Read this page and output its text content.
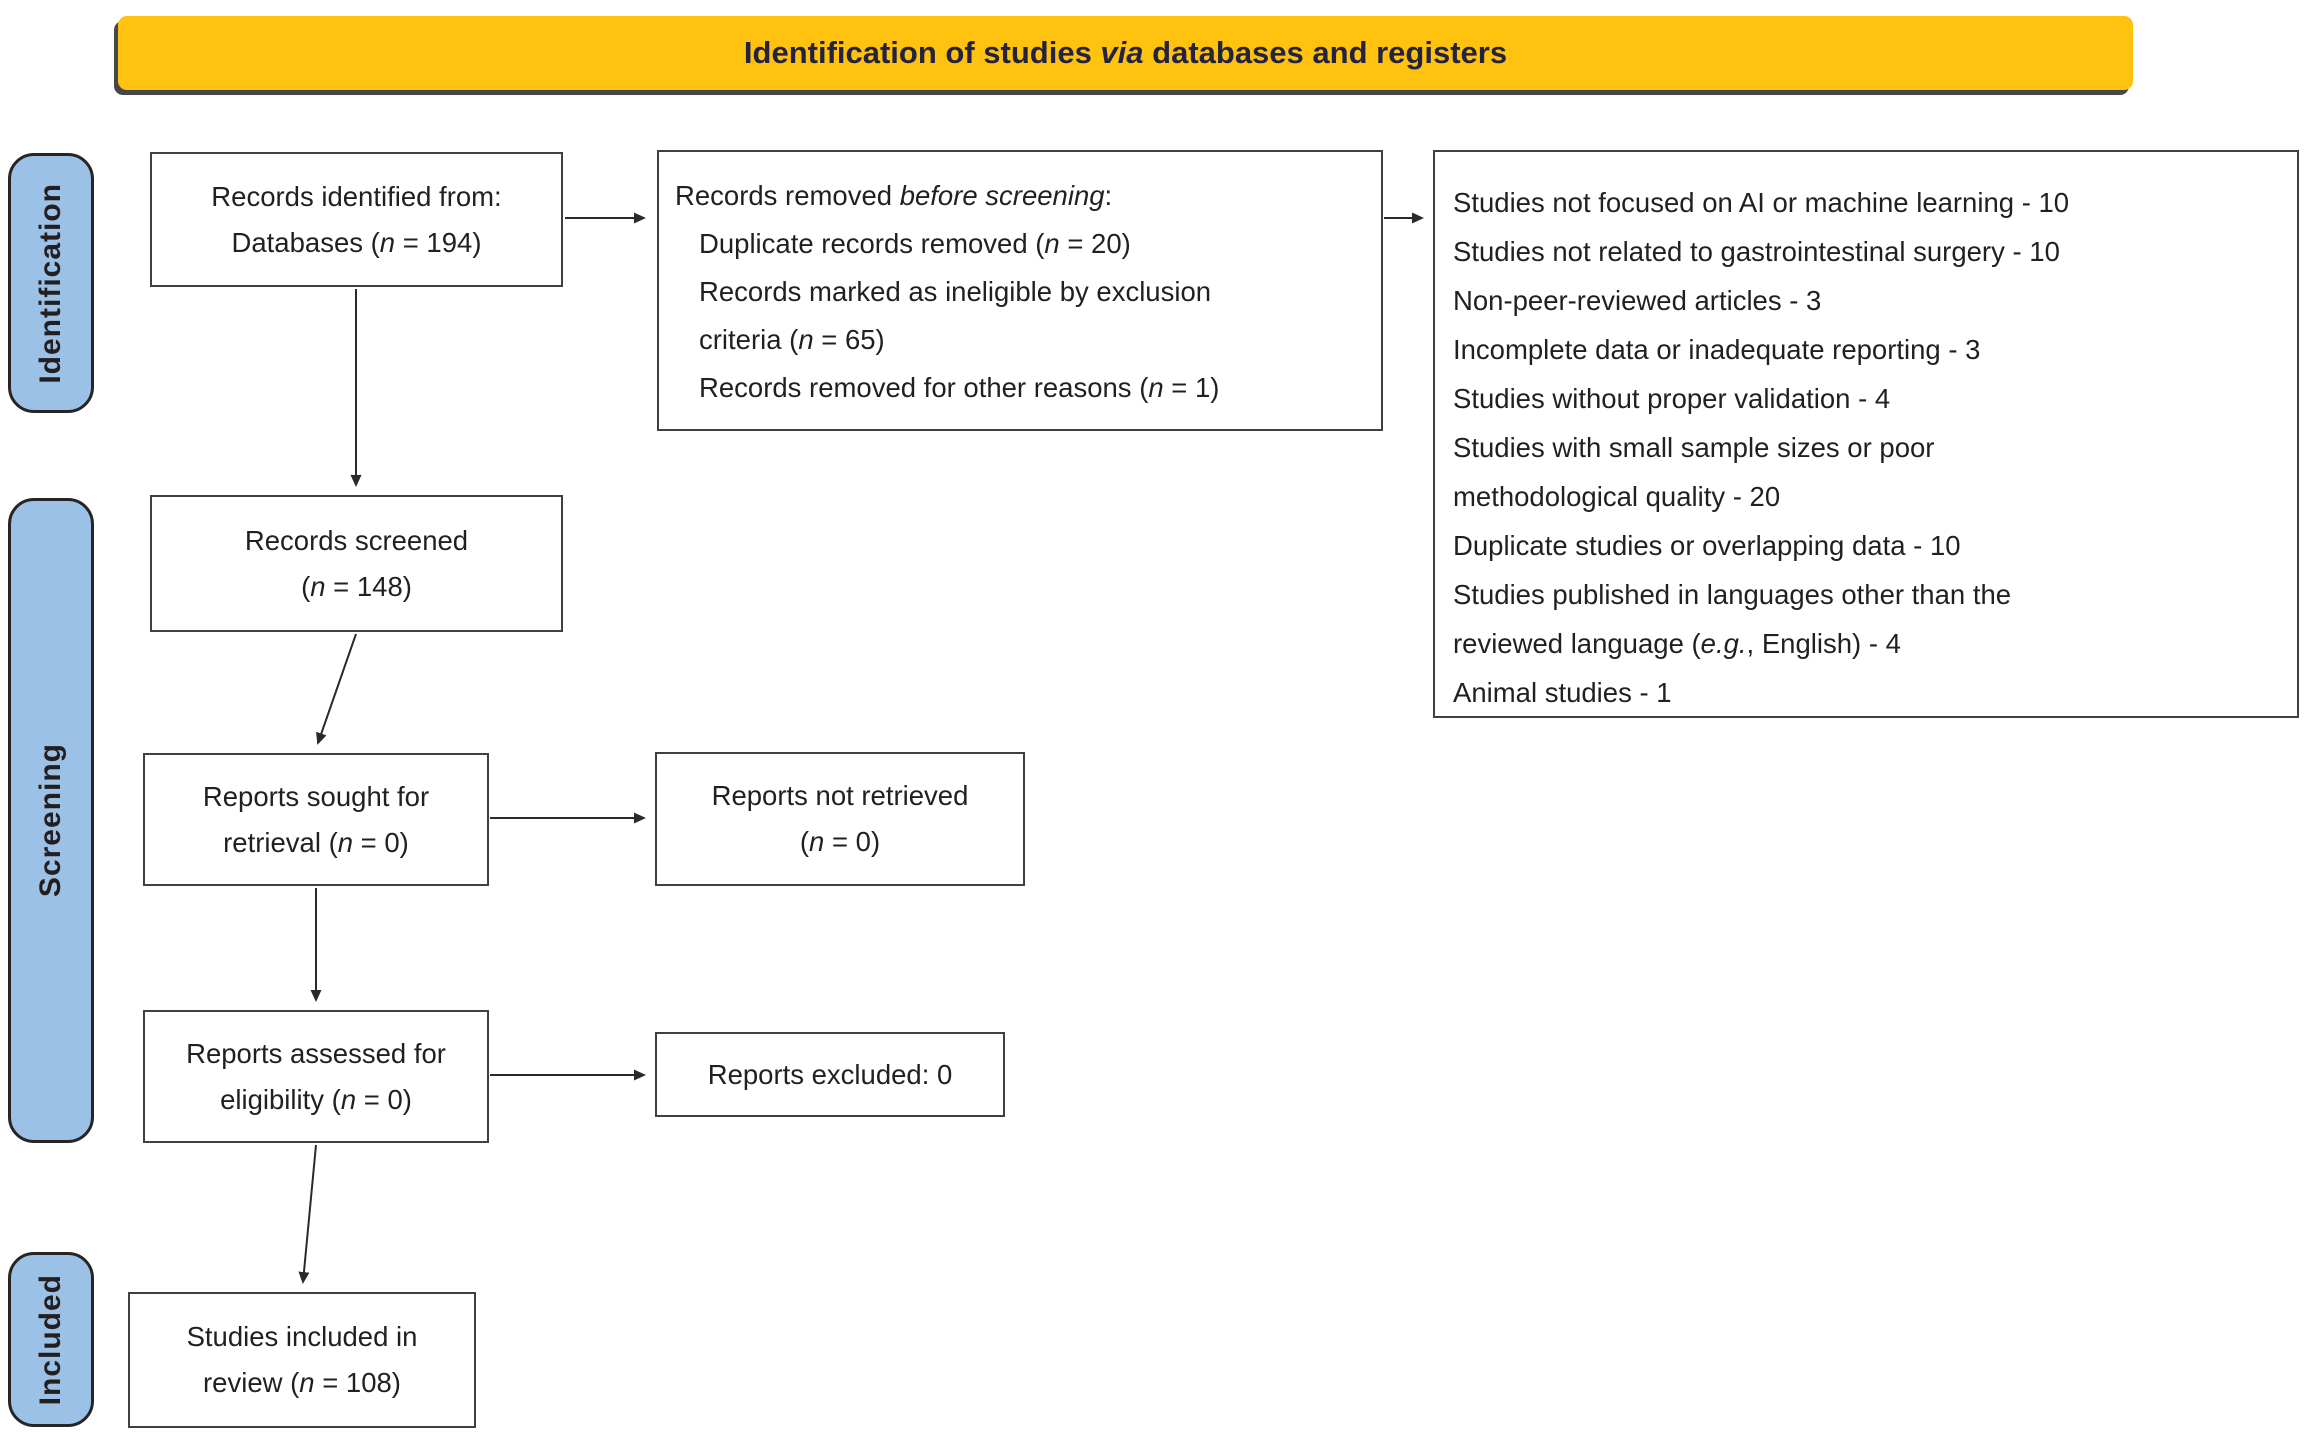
Identification of studies via databases and registers
Identification
Screening
Included
Records identified from:
Databases (n = 194)
Records removed before screening:
Duplicate records removed (n = 20)
Records marked as ineligible by exclusion
criteria (n = 65)
Records removed for other reasons (n = 1)
Studies not focused on AI or machine learning - 10
Studies not related to gastrointestinal surgery - 10
Non-peer-reviewed articles - 3
Incomplete data or inadequate reporting - 3
Studies without proper validation - 4
Studies with small sample sizes or poor
methodological quality - 20
Duplicate studies or overlapping data - 10
Studies published in languages other than the
reviewed language (e.g., English) - 4
Animal studies - 1
Records screened
(n = 148)
Reports sought for
retrieval (n = 0)
Reports not retrieved
(n = 0)
Reports assessed for
eligibility (n = 0)
Reports excluded: 0
Studies included in
review (n = 108)
